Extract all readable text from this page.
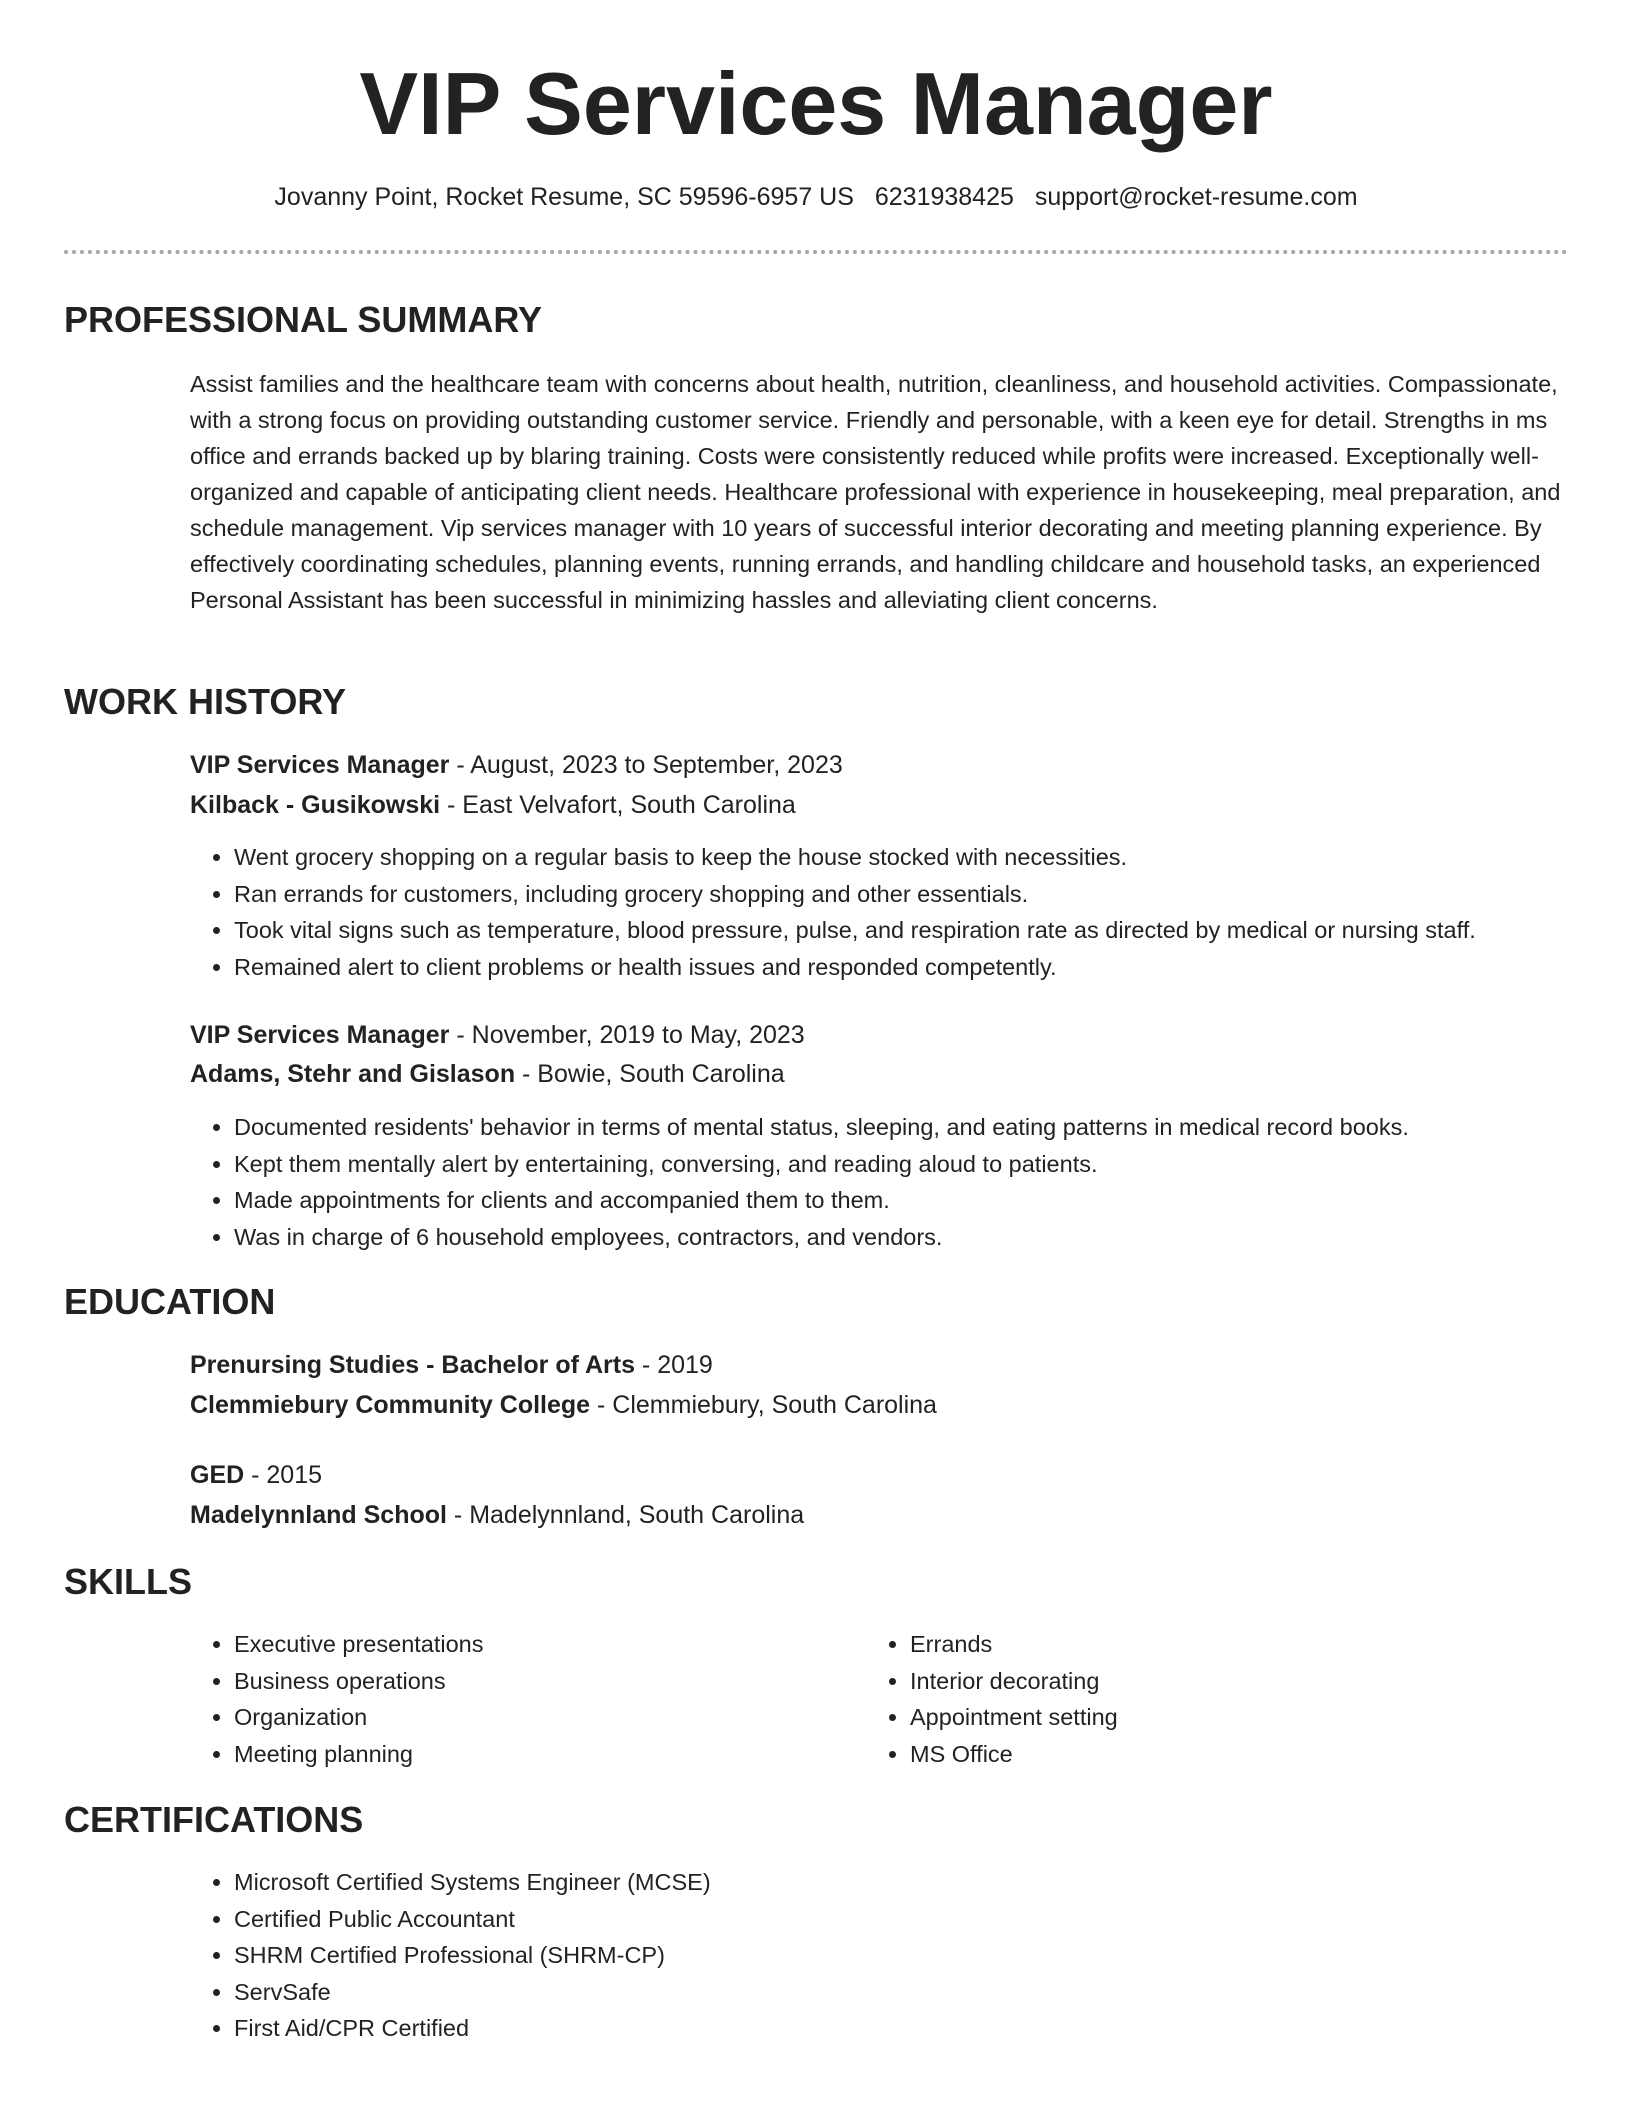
VIP Services Manager
Jovanny Point, Rocket Resume, SC 59596-6957 US 6231938425 support@rocket-resume.com
PROFESSIONAL SUMMARY

Assist families and the healthcare team with concerns about health, nutrition, cleanliness, and household activities. Compassionate, with a strong focus on providing outstanding customer service. Friendly and personable, with a keen eye for detail. Strengths in ms office and errands backed up by blaring training. Costs were consistently reduced while profits were increased. Exceptionally well-organized and capable of anticipating client needs. Healthcare professional with experience in housekeeping, meal preparation, and schedule management. Vip services manager with 10 years of successful interior decorating and meeting planning experience. By effectively coordinating schedules, planning events, running errands, and handling childcare and household tasks, an experienced Personal Assistant has been successful in minimizing hassles and alleviating client concerns.

WORK HISTORY
VIP Services Manager - August, 2023 to September, 2023
Kilback - Gusikowski - East Velvafort, South Carolina
• Went grocery shopping on a regular basis to keep the house stocked with necessities.
• Ran errands for customers, including grocery shopping and other essentials.
• Took vital signs such as temperature, blood pressure, pulse, and respiration rate as directed by medical or nursing staff.
• Remained alert to client problems or health issues and responded competently.
VIP Services Manager - November, 2019 to May, 2023
Adams, Stehr and Gislason - Bowie, South Carolina
• Documented residents' behavior in terms of mental status, sleeping, and eating patterns in medical record books.
• Kept them mentally alert by entertaining, conversing, and reading aloud to patients.
• Made appointments for clients and accompanied them to them.
• Was in charge of 6 household employees, contractors, and vendors.
EDUCATION
Prenursing Studies - Bachelor of Arts - 2019
Clemmiebury Community College - Clemmiebury, South Carolina
GED - 2015
Madelynnland School - Madelynnland, South Carolina
SKILLS
• Executive presentations
• Business operations
• Organization
• Meeting planning
• Errands
• Interior decorating
• Appointment setting
• MS Office
CERTIFICATIONS
• Microsoft Certified Systems Engineer (MCSE)
• Certified Public Accountant
• SHRM Certified Professional (SHRM-CP)
• ServSafe
• First Aid/CPR Certified
